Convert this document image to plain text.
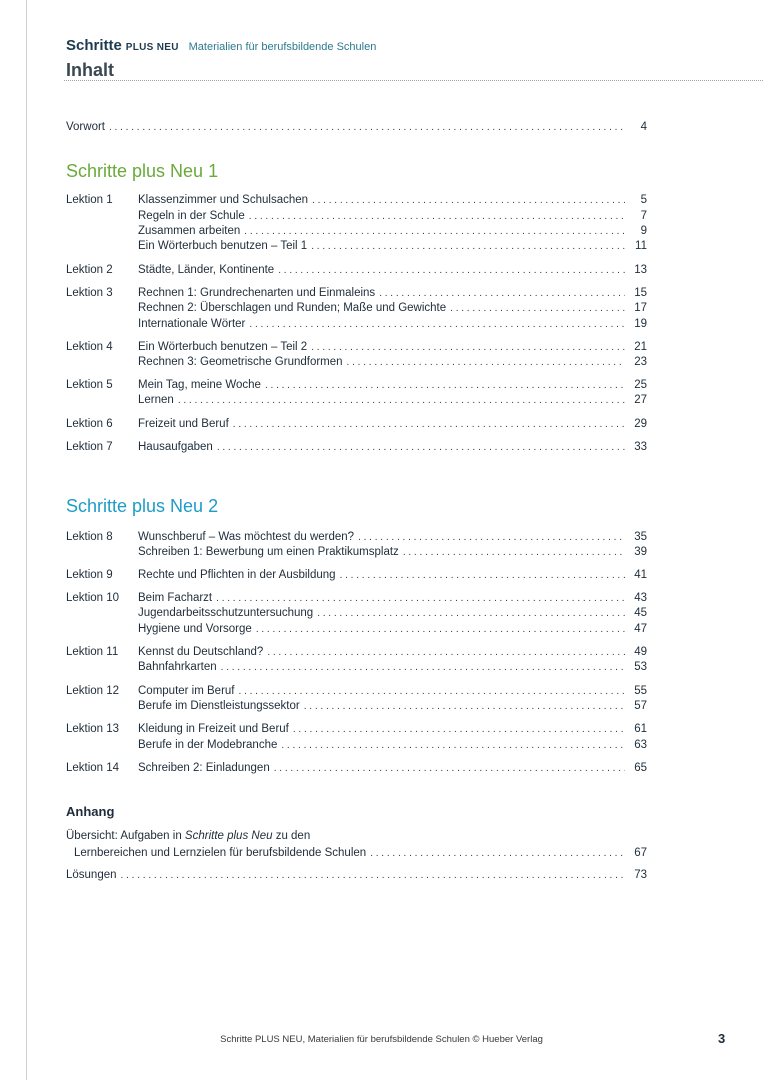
Schritte PLUS NEU Materialien für berufsbildende Schulen
Inhalt
Vorwort . . .	4
Schritte plus Neu 1
Lektion 1	Klassenzimmer und Schulsachen . . .	5
Regeln in der Schule . . .	7
Zusammen arbeiten . . .	9
Ein Wörterbuch benutzen – Teil 1 . . .	11
Lektion 2	Städte, Länder, Kontinente . . .	13
Lektion 3	Rechnen 1: Grundrechenarten und Einmaleins . . .	15
Rechnen 2: Überschlagen und Runden; Maße und Gewichte . . .	17
Internationale Wörter . . .	19
Lektion 4	Ein Wörterbuch benutzen – Teil 2 . . .	21
Rechnen 3: Geometrische Grundformen . . .	23
Lektion 5	Mein Tag, meine Woche . . .	25
Lernen . . .	27
Lektion 6	Freizeit und Beruf . . .	29
Lektion 7	Hausaufgaben . . .	33
Schritte plus Neu 2
Lektion 8	Wunschberuf – Was möchtest du werden? . . .	35
Schreiben 1: Bewerbung um einen Praktikumsplatz . . .	39
Lektion 9	Rechte und Pflichten in der Ausbildung . . .	41
Lektion 10	Beim Facharzt . . .	43
Jugendarbeitsschutzuntersuchung . . .	45
Hygiene und Vorsorge . . .	47
Lektion 11	Kennst du Deutschland? . . .	49
Bahnfahrkarten . . .	53
Lektion 12	Computer im Beruf . . .	55
Berufe im Dienstleistungssektor . . .	57
Lektion 13	Kleidung in Freizeit und Beruf . . .	61
Berufe in der Modebranche . . .	63
Lektion 14	Schreiben 2: Einladungen . . .	65
Anhang
Übersicht: Aufgaben in Schritte plus Neu zu den
Lernbereichen und Lernzielen für berufsbildende Schulen . . .	67
Lösungen . . .	73
Schritte PLUS NEU, Materialien für berufsbildende Schulen © Hueber Verlag	3
